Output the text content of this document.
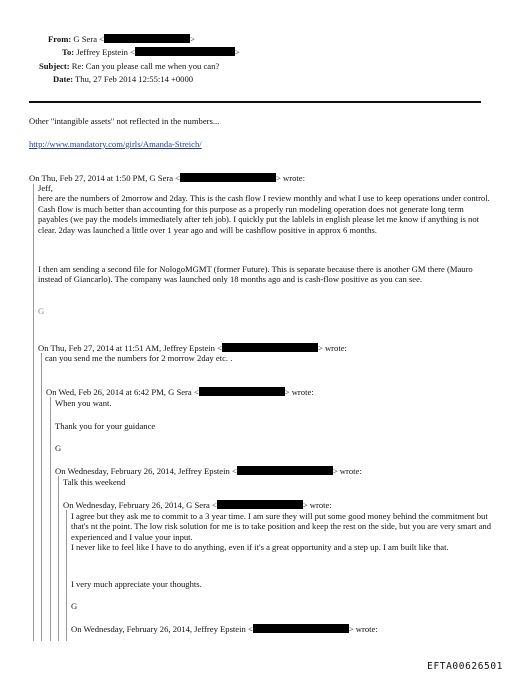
From: G Sera <	>
To: Jeffrey Epstein <	>
Subject: Re: Can you please call me when you can?
Date: Thu, 27 Feb 2014 12:55:14 +0000
Other "intangible assets" not reflected in the numbers...
http://www.mandatory.com/girls/Amanda-Streich/
On Thu, Feb 27, 2014 at 1:50 PM, G Sera <	> wrote:
Jeff,
here are the numbers of 2morrow and 2day. This is the cash flow I review monthly and what I use to keep operations under control. Cash flow is much better than accounting for this purpose as a properly run modeling operation does not generate long term payables (we pay the models immediately after teh job). I quickly put the lablels in english please let me know if anything is not clear. 2day was launched a little over 1 year ago and will be cashflow positive in approx 6 months.
I then am sending a second file for NologoMGMT (former Future). This is separate because there is another GM there (Mauro instead of Giancarlo). The company was launched only 18 months ago and is cash-flow positive as you can see.
G
On Thu, Feb 27, 2014 at 11:51 AM, Jeffrey Epstein <	> wrote:
can you send me the numbers for 2 morrow 2day etc. .
On Wed, Feb 26, 2014 at 6:42 PM, G Sera <	> wrote:
When you want.
Thank you for your guidance
G
On Wednesday, February 26, 2014, Jeffrey Epstein <	> wrote:
Talk this weekend
On Wednesday, February 26, 2014, G Sera <	> wrote:
I agree but they ask me to commit to a 3 year time. I am sure they will put some good money behind the commitment but that's nt the point. The low risk solution for me is to take position and keep the rest on the side, but you are very smart and experienced and I value your input.
I never like to feel like I have to do anything, even if it's a great opportunity and a step up. I am built like that.
I very much appreciate your thoughts.
G
On Wednesday, February 26, 2014, Jeffrey Epstein <	> wrote:
EFTA00626501
